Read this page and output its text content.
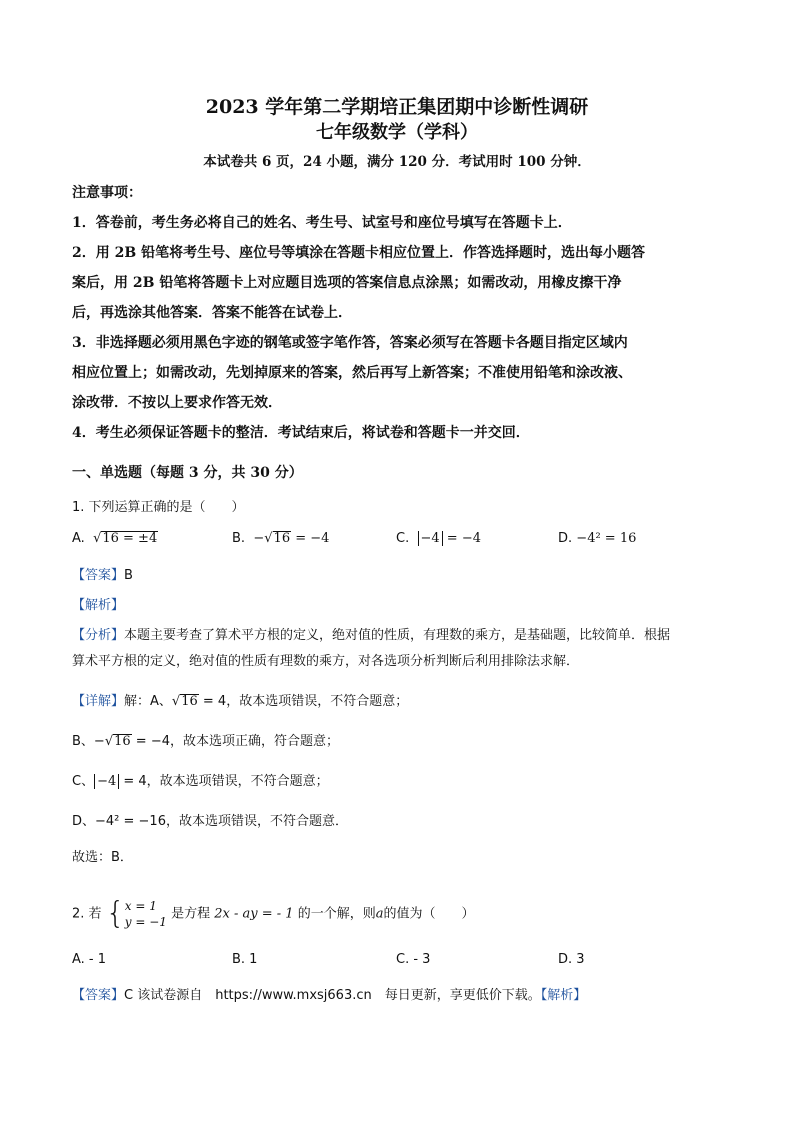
2023 学年第二学期培正集团期中诊断性调研
七年级数学（学科）
本试卷共 6 页，24 小题，满分 120 分．考试用时 100 分钟．

注意事项：

1．答卷前，考生务必将自己的姓名、考生号、试室号和座位号填写在答题卡上．

2．用 2B 铅笔将考生号、座位号等填涂在答题卡相应位置上．作答选择题时，选出每小题答

案后，用 2B 铅笔将答题卡上对应题目选项的答案信息点涂黑；如需改动，用橡皮擦干净

后，再选涂其他答案．答案不能答在试卷上．

3．非选择题必须用黑色字迹的钢笔或签字笔作答，答案必须写在答题卡各题目指定区域内

相应位置上；如需改动，先划掉原来的答案，然后再写上新答案；不准使用铅笔和涂改液、

涂改带．不按以上要求作答无效．

4．考生必须保证答题卡的整洁．考试结束后，将试卷和答题卡一并交回．

一、单选题（每题 3 分，共 30 分）
1. 下列运算正确的是（　　）
A.  √16 = ±4	B. −√16 = −4	C. −4 = −4	D. −4² = 16

【答案】B

【解析】

【分析】本题主要考查了算术平方根的定义，绝对值的性质，有理数的乘方，是基础题，比较简单．根据

算术平方根的定义，绝对值的性质有理数的乘方，对各选项分析判断后利用排除法求解．

【详解】解：A、√16 = 4，故本选项错误，不符合题意；

B、−√16 = −4，故本选项正确，符合题意；

C、 −4 = 4，故本选项错误，不符合题意；

D、−4² = −16，故本选项错误，不符合题意．

故选：B．

2. 若 {x = 1
y = −1 是方程 2x - ay = - 1 的一个解，则a的值为（　　）
A. - 1	B. 1	C. - 3	D. 3
【答案】C 该试卷源自　https://www.mxsj663.cn　每日更新，享更低价下载。【解析】
